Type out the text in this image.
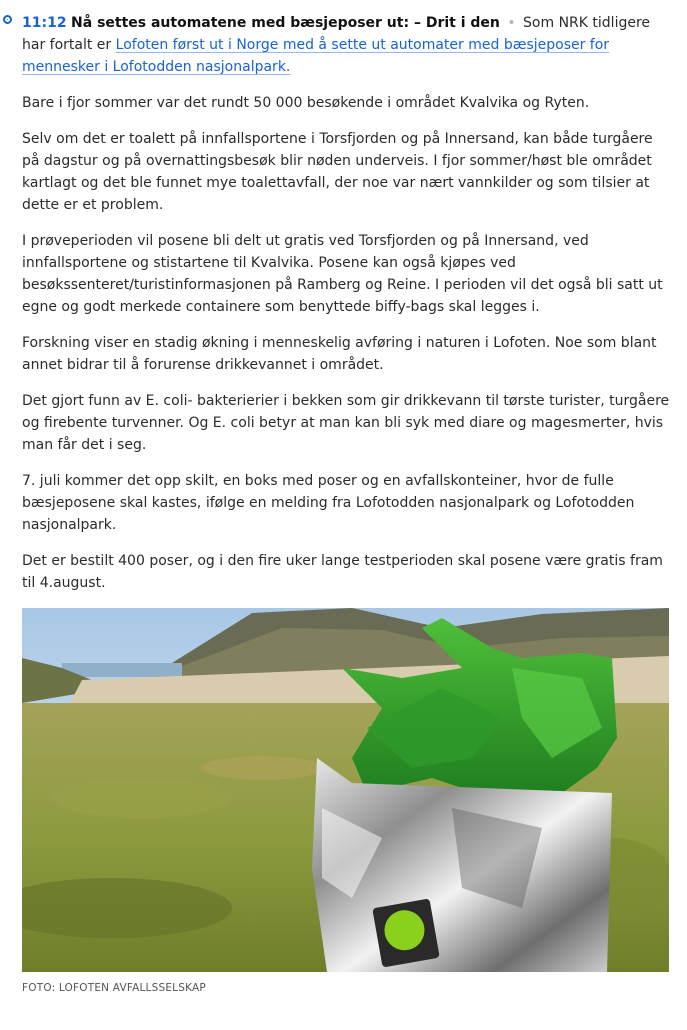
11:12 Nå settes automatene med bæsjeposer ut: – Drit i den • Som NRK tidligere har fortalt er Lofoten først ut i Norge med å sette ut automater med bæsjeposer for mennesker i Lofotodden nasjonalpark.

Bare i fjor sommer var det rundt 50 000 besøkende i området Kvalvika og Ryten.

Selv om det er toalett på innfallsportene i Torsfjorden og på Innersand, kan både turgåere på dagstur og på overnattingsbesøk blir nøden underveis. I fjor sommer/høst ble området kartlagt og det ble funnet mye toalettavfall, der noe var nært vannkilder og som tilsier at dette er et problem.

I prøveperioden vil posene bli delt ut gratis ved Torsfjorden og på Innersand, ved innfallsportene og stistartene til Kvalvika. Posene kan også kjøpes ved besøkssenteret/turistinformasjonen på Ramberg og Reine. I perioden vil det også bli satt ut egne og godt merkede containere som benyttede biffy-bags skal legges i.

Forskning viser en stadig økning i menneskelig avføring i naturen i Lofoten. Noe som blant annet bidrar til å forurense drikkevannet i området.

Det gjort funn av E. coli- bakterierier i bekken som gir drikkevann til tørste turister, turgåere og firebente turvenner. Og E. coli betyr at man kan bli syk med diare og magesmerter, hvis man får det i seg.

7. juli kommer det opp skilt, en boks med poser og en avfallskonteiner, hvor de fulle bæsjeposene skal kastes, ifølge en melding fra Lofotodden nasjonalpark og Lofotodden nasjonalpark.

Det er bestilt 400 poser, og i den fire uker lange testperioden skal posene være gratis fram til 4.august.

FOTO: LOFOTEN AVFALLSSELSKAP
